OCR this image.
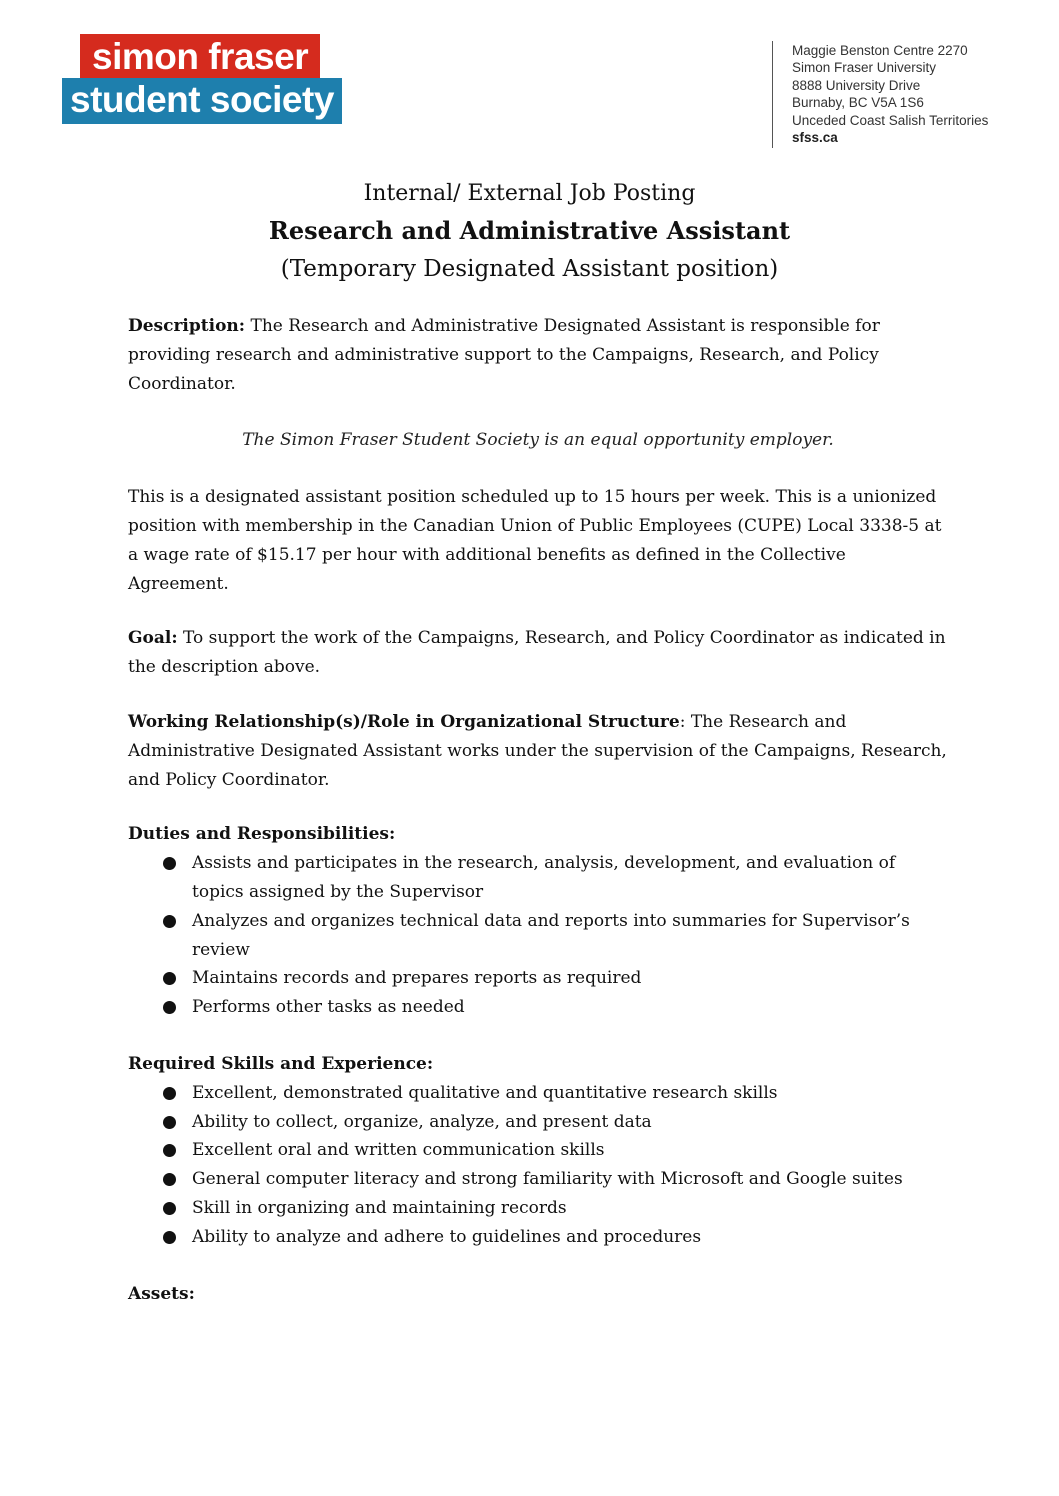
simon fraser
student society
Maggie Benston Centre 2270
Simon Fraser University
8888 University Drive
Burnaby, BC V5A 1S6
Unceded Coast Salish Territories
sfss.ca
Internal/ External Job Posting
Research and Administrative Assistant
(Temporary Designated Assistant position)

Description: The Research and Administrative Designated Assistant is responsible for providing research and administrative support to the Campaigns, Research, and Policy Coordinator.

The Simon Fraser Student Society is an equal opportunity employer.

This is a designated assistant position scheduled up to 15 hours per week. This is a unionized position with membership in the Canadian Union of Public Employees (CUPE) Local 3338-5 at a wage rate of $15.17 per hour with additional benefits as defined in the Collective Agreement.

Goal: To support the work of the Campaigns, Research, and Policy Coordinator as indicated in the description above.

Working Relationship(s)/Role in Organizational Structure: The Research and Administrative Designated Assistant works under the supervision of the Campaigns, Research, and Policy Coordinator.

Duties and Responsibilities:

Assists and participates in the research, analysis, development, and evaluation of topics assigned by the Supervisor
Analyzes and organizes technical data and reports into summaries for Supervisor’s review
Maintains records and prepares reports as required
Performs other tasks as needed

Required Skills and Experience:

Excellent, demonstrated qualitative and quantitative research skills
Ability to collect, organize, analyze, and present data
Excellent oral and written communication skills
General computer literacy and strong familiarity with Microsoft and Google suites
Skill in organizing and maintaining records
Ability to analyze and adhere to guidelines and procedures

Assets:
